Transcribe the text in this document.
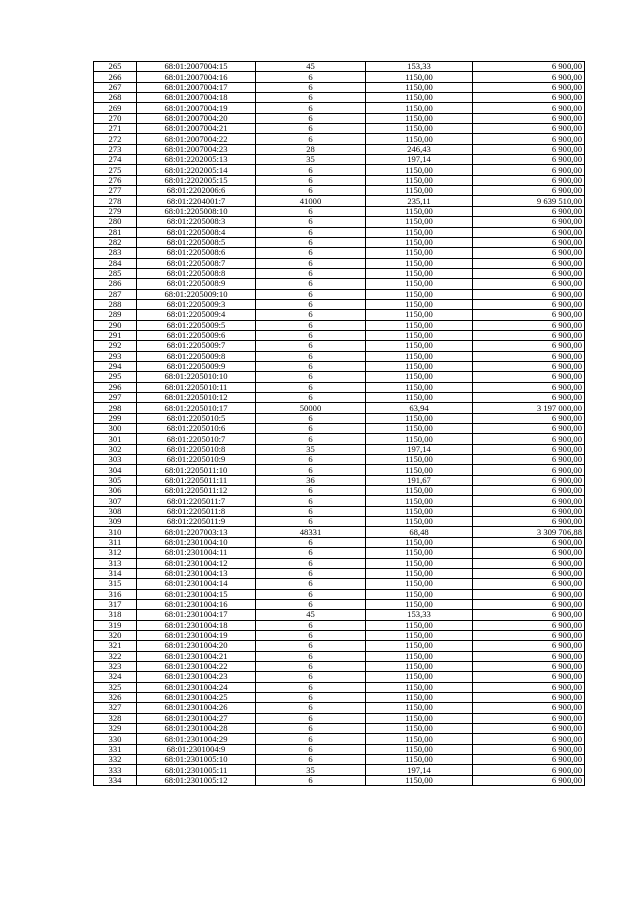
265	68:01:2007004:15	45	153,33	6 900,00
266	68:01:2007004:16	6	1150,00	6 900,00
267	68:01:2007004:17	6	1150,00	6 900,00
268	68:01:2007004:18	6	1150,00	6 900,00
269	68:01:2007004:19	6	1150,00	6 900,00
270	68:01:2007004:20	6	1150,00	6 900,00
271	68:01:2007004:21	6	1150,00	6 900,00
272	68:01:2007004:22	6	1150,00	6 900,00
273	68:01:2007004:23	28	246,43	6 900,00
274	68:01:2202005:13	35	197,14	6 900,00
275	68:01:2202005:14	6	1150,00	6 900,00
276	68:01:2202005:15	6	1150,00	6 900,00
277	68:01:2202006:6	6	1150,00	6 900,00
278	68:01:2204001:7	41000	235,11	9 639 510,00
279	68:01:2205008:10	6	1150,00	6 900,00
280	68:01:2205008:3	6	1150,00	6 900,00
281	68:01:2205008:4	6	1150,00	6 900,00
282	68:01:2205008:5	6	1150,00	6 900,00
283	68:01:2205008:6	6	1150,00	6 900,00
284	68:01:2205008:7	6	1150,00	6 900,00
285	68:01:2205008:8	6	1150,00	6 900,00
286	68:01:2205008:9	6	1150,00	6 900,00
287	68:01:2205009:10	6	1150,00	6 900,00
288	68:01:2205009:3	6	1150,00	6 900,00
289	68:01:2205009:4	6	1150,00	6 900,00
290	68:01:2205009:5	6	1150,00	6 900,00
291	68:01:2205009:6	6	1150,00	6 900,00
292	68:01:2205009:7	6	1150,00	6 900,00
293	68:01:2205009:8	6	1150,00	6 900,00
294	68:01:2205009:9	6	1150,00	6 900,00
295	68:01:2205010:10	6	1150,00	6 900,00
296	68:01:2205010:11	6	1150,00	6 900,00
297	68:01:2205010:12	6	1150,00	6 900,00
298	68:01:2205010:17	50000	63,94	3 197 000,00
299	68:01:2205010:5	6	1150,00	6 900,00
300	68:01:2205010:6	6	1150,00	6 900,00
301	68:01:2205010:7	6	1150,00	6 900,00
302	68:01:2205010:8	35	197,14	6 900,00
303	68:01:2205010:9	6	1150,00	6 900,00
304	68:01:2205011:10	6	1150,00	6 900,00
305	68:01:2205011:11	36	191,67	6 900,00
306	68:01:2205011:12	6	1150,00	6 900,00
307	68:01:2205011:7	6	1150,00	6 900,00
308	68:01:2205011:8	6	1150,00	6 900,00
309	68:01:2205011:9	6	1150,00	6 900,00
310	68:01:2207003:13	48331	68,48	3 309 706,88
311	68:01:2301004:10	6	1150,00	6 900,00
312	68:01:2301004:11	6	1150,00	6 900,00
313	68:01:2301004:12	6	1150,00	6 900,00
314	68:01:2301004:13	6	1150,00	6 900,00
315	68:01:2301004:14	6	1150,00	6 900,00
316	68:01:2301004:15	6	1150,00	6 900,00
317	68:01:2301004:16	6	1150,00	6 900,00
318	68:01:2301004:17	45	153,33	6 900,00
319	68:01:2301004:18	6	1150,00	6 900,00
320	68:01:2301004:19	6	1150,00	6 900,00
321	68:01:2301004:20	6	1150,00	6 900,00
322	68:01:2301004:21	6	1150,00	6 900,00
323	68:01:2301004:22	6	1150,00	6 900,00
324	68:01:2301004:23	6	1150,00	6 900,00
325	68:01:2301004:24	6	1150,00	6 900,00
326	68:01:2301004:25	6	1150,00	6 900,00
327	68:01:2301004:26	6	1150,00	6 900,00
328	68:01:2301004:27	6	1150,00	6 900,00
329	68:01:2301004:28	6	1150,00	6 900,00
330	68:01:2301004:29	6	1150,00	6 900,00
331	68:01:2301004:9	6	1150,00	6 900,00
332	68:01:2301005:10	6	1150,00	6 900,00
333	68:01:2301005:11	35	197,14	6 900,00
334	68:01:2301005:12	6	1150,00	6 900,00
